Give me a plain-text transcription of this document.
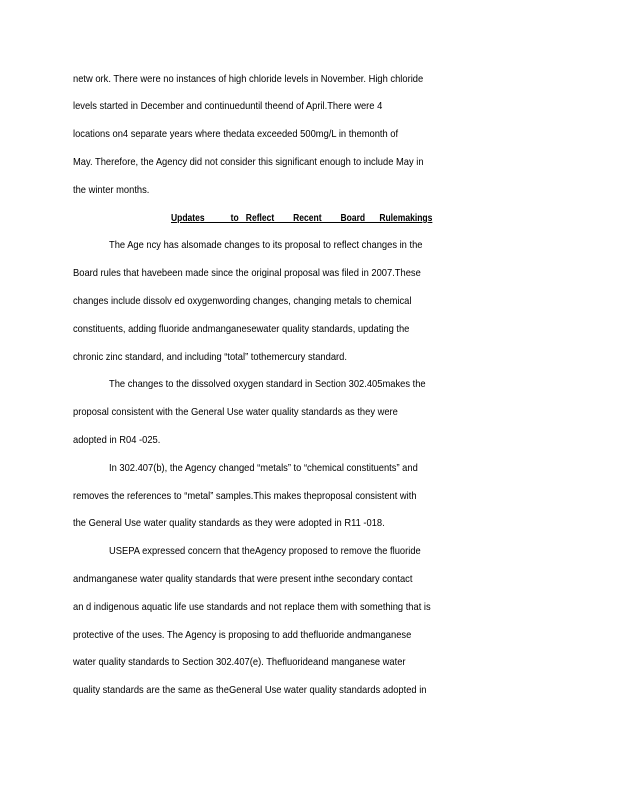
netw ork. There were no instances of high chloride levels in November. High chloride
levels started in December and continueduntil theend of April.There were 4
locations on4 separate years where thedata exceeded 500mg/L in themonth of
May. Therefore, the Agency did not consider this significant enough to include May in
the winter months.
Updates           to   Reflect        Recent        Board      Rulemakings
The Age ncy has alsomade changes to its proposal to reflect changes in the
Board rules that havebeen made since the original proposal was filed in 2007.These
changes include dissolv ed oxygenwording changes, changing metals to chemical
constituents, adding fluoride andmanganesewater quality standards, updating the
chronic zinc standard, and including “total” tothemercury standard.
The changes to the dissolved oxygen standard in Section 302.405makes the
proposal consistent with the General Use water quality standards as they were
adopted in R04 -025.
In 302.407(b), the Agency changed “metals” to “chemical constituents” and
removes the references to “metal” samples.This makes theproposal consistent with
the General Use water quality standards as they were adopted in R11 -018.
USEPA expressed concern that theAgency proposed to remove the fluoride
andmanganese water quality standards that were present inthe secondary contact
an d indigenous aquatic life use standards and not replace them with something that is
protective of the uses. The Agency is proposing to add thefluoride andmanganese
water quality standards to Section 302.407(e). Thefluorideand manganese water
quality standards are the same as theGeneral Use water quality standards adopted in
